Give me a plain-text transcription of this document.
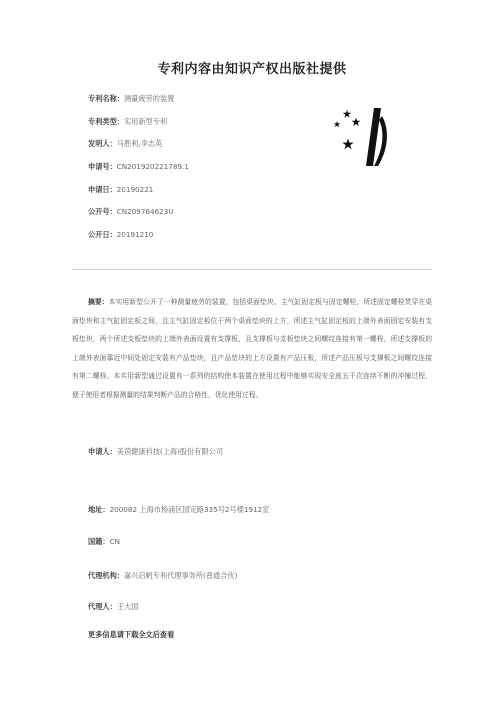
专利内容由知识产权出版社提供
专利名称：测量疲劳的装置
专利类型：实用新型专利
发明人：马胜利,李志英
申请号：CN201920221789.1
申请日：20190221
公开号：CN209764623U
公开日：20191210
摘要：本实用新型公开了一种测量疲劳的装置，包括桌面垫块、主气缸固定板与固定螺栓，所述固定螺栓贯穿在桌面垫块和主气缸固定板之间，且主气缸固定板位于两个桌面垫块的上方，所述主气缸固定板的上端外表面固定安装有支板垫块，两个所述支板垫块的上端外表面设置有支撑板，且支撑板与支板垫块之间螺纹连接有第一螺栓，所述支撑板的上端外表面靠近中间处固定安装有产品垫块，且产品垫块的上方设置有产品压板，所述产品压板与支撑板之间螺纹连接有第二螺栓。本实用新型通过设置有一系列的结构使本装置在使用过程中能够实现安全座五千次连续不断的冲撞过程，便于使用者根据测量的结果判断产品的合格性，优化使用过程。
申请人：美茵健康科技(上海)股份有限公司
地址：200082 上海市杨浦区国定路335号2号楼1912室
国籍：CN
代理机构：嘉兴启帆专利代理事务所(普通合伙)
代理人：王大国
更多信息请下载全文后查看
